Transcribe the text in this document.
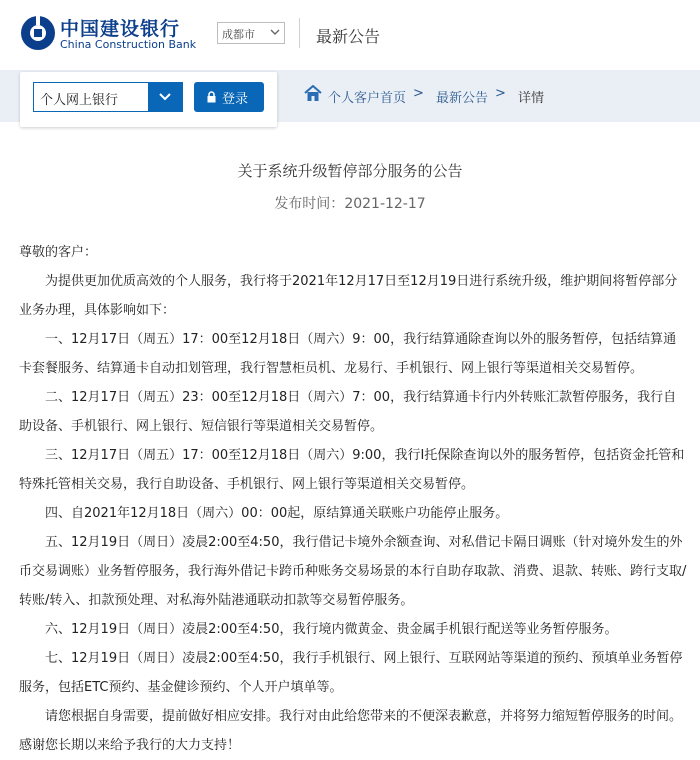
中国建设银行
China Construction Bank
成都市	最新公告
个人网上银行	登录	个人客户首页 > 最新公告 > 详情
关于系统升级暂停部分服务的公告
发布时间：2021-12-17

尊敬的客户：

为提供更加优质高效的个人服务，我行将于2021年12月17日至12月19日进行系统升级，维护期间将暂停部分业务办理，具体影响如下：

一、12月17日（周五）17：00至12月18日（周六）9：00，我行结算通除查询以外的服务暂停，包括结算通卡套餐服务、结算通卡自动扣划管理，我行智慧柜员机、龙易行、手机银行、网上银行等渠道相关交易暂停。

二、12月17日（周五）23：00至12月18日（周六）7：00，我行结算通卡行内外转账汇款暂停服务，我行自助设备、手机银行、网上银行、短信银行等渠道相关交易暂停。

三、12月17日（周五）17：00至12月18日（周六）9:00，我行I托保除查询以外的服务暂停，包括资金托管和特殊托管相关交易，我行自助设备、手机银行、网上银行等渠道相关交易暂停。

四、自2021年12月18日（周六）00：00起，原结算通关联账户功能停止服务。

五、12月19日（周日）凌晨2:00至4:50，我行借记卡境外余额查询、对私借记卡隔日调账（针对境外发生的外币交易调账）业务暂停服务，我行海外借记卡跨币种账务交易场景的本行自助存取款、消费、退款、转账、跨行支取/转账/转入、扣款预处理、对私海外陆港通联动扣款等交易暂停服务。

六、12月19日（周日）凌晨2:00至4:50，我行境内微黄金、贵金属手机银行配送等业务暂停服务。

七、12月19日（周日）凌晨2:00至4:50，我行手机银行、网上银行、互联网站等渠道的预约、预填单业务暂停服务，包括ETC预约、基金健诊预约、个人开户填单等。

请您根据自身需要，提前做好相应安排。我行对由此给您带来的不便深表歉意，并将努力缩短暂停服务的时间。感谢您长期以来给予我行的大力支持！
